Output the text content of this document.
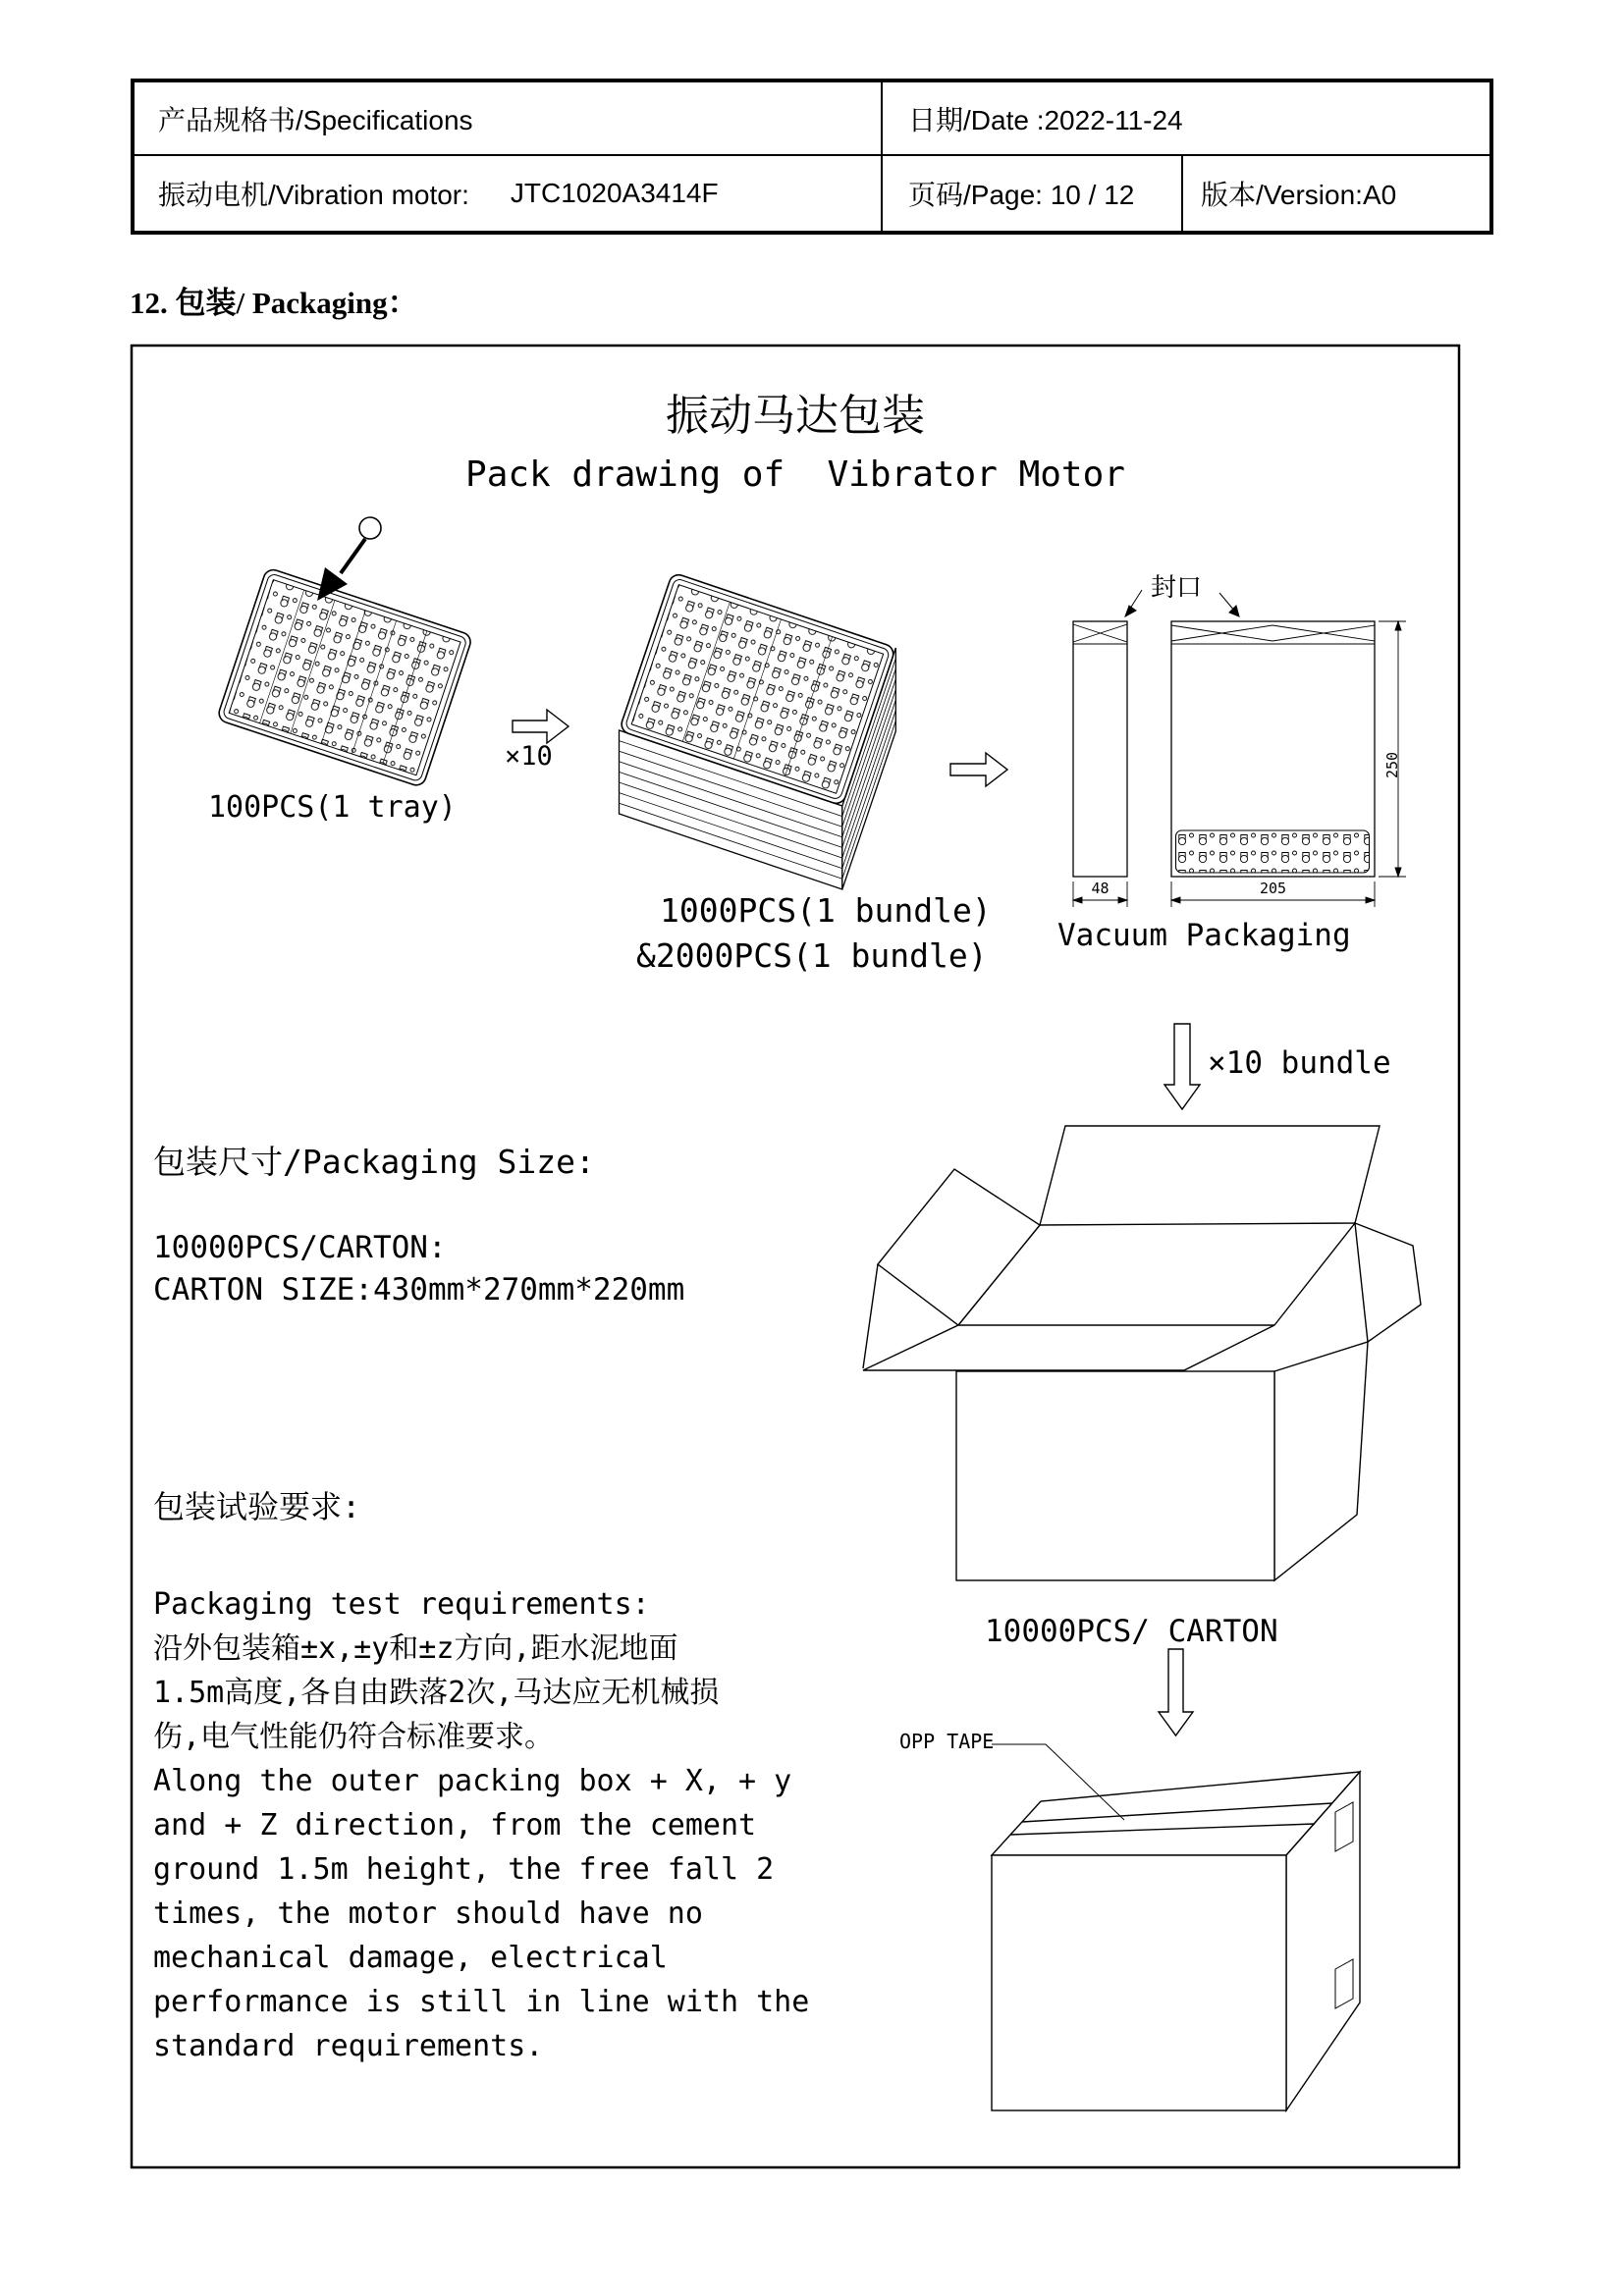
产品规格书/Specifications	日期/Date :2022-11-24
振动电机/Vibration motor: JTC1020A3414F	页码/Page: 10 / 12 版本/Version:A0
12. 包装/ Packaging：
振动马达包装
Pack drawing of  Vibrator Motor
100PCS(1 tray)
×10
1000PCS(1 bundle)
&2000PCS(1 bundle)
封口
48	205
250
Vacuum Packaging
×10 bundle
包装尺寸/Packaging Size:
10000PCS/CARTON:
CARTON SIZE:430mm*270mm*220mm
10000PCS/ CARTON
包装试验要求:
Packaging test requirements:
沿外包装箱±x,±y和±z方向,距水泥地面
1.5m高度,各自由跌落2次,马达应无机械损
伤,电气性能仍符合标准要求。
Along the outer packing box + X, + y
and + Z direction, from the cement
ground 1.5m height, the free fall 2
times, the motor should have no
mechanical damage, electrical
performance is still in line with the
standard requirements.
OPP TAPE
